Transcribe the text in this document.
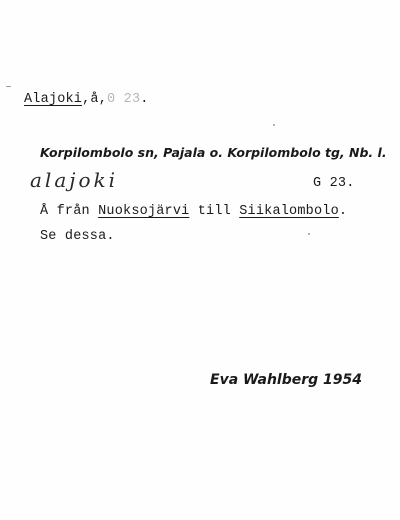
Alajoki,å,0 23.
Korpilombolo sn, Pajala o. Korpilombolo tg, Nb. l.
alajoki	G 23.
Å från Nuoksojärvi till Siikalombolo.
Se dessa.
Eva Wahlberg 1954
